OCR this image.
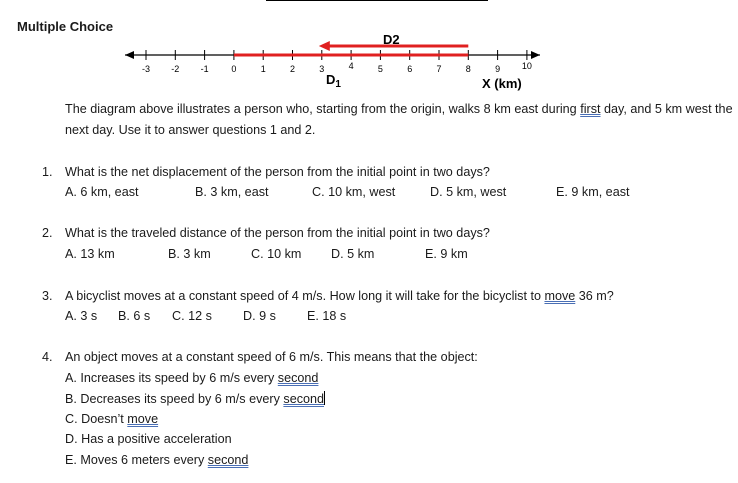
Multiple Choice
-3 -2 -1	0	1	2	3	4	5	6	7	8	9 10
D2
$D_1$	X (km)
The diagram above illustrates a person who, starting from the origin, walks 8 km east during first day, and 5 km west the next day. Use it to answer questions 1 and 2.
1. What is the net displacement of the person from the initial point in two days?
A. 6 km, east	B. 3 km, east	C. 10 km, west	D. 5 km, west	E. 9 km, east
2. What is the traveled distance of the person from the initial point in two days?
A. 13 km	B. 3 km	C. 10 km D. 5 km	E. 9 km
3. A bicyclist moves at a constant speed of 4 m/s. How long it will take for the bicyclist to move 36 m?
A. 3 s B. 6 s C. 12 s D. 9 s E. 18 s
4. An object moves at a constant speed of 6 m/s. This means that the object:
A. Increases its speed by 6 m/s every second
B. Decreases its speed by 6 m/s every second
C. Doesn’t move
D. Has a positive acceleration
E. Moves 6 meters every second
